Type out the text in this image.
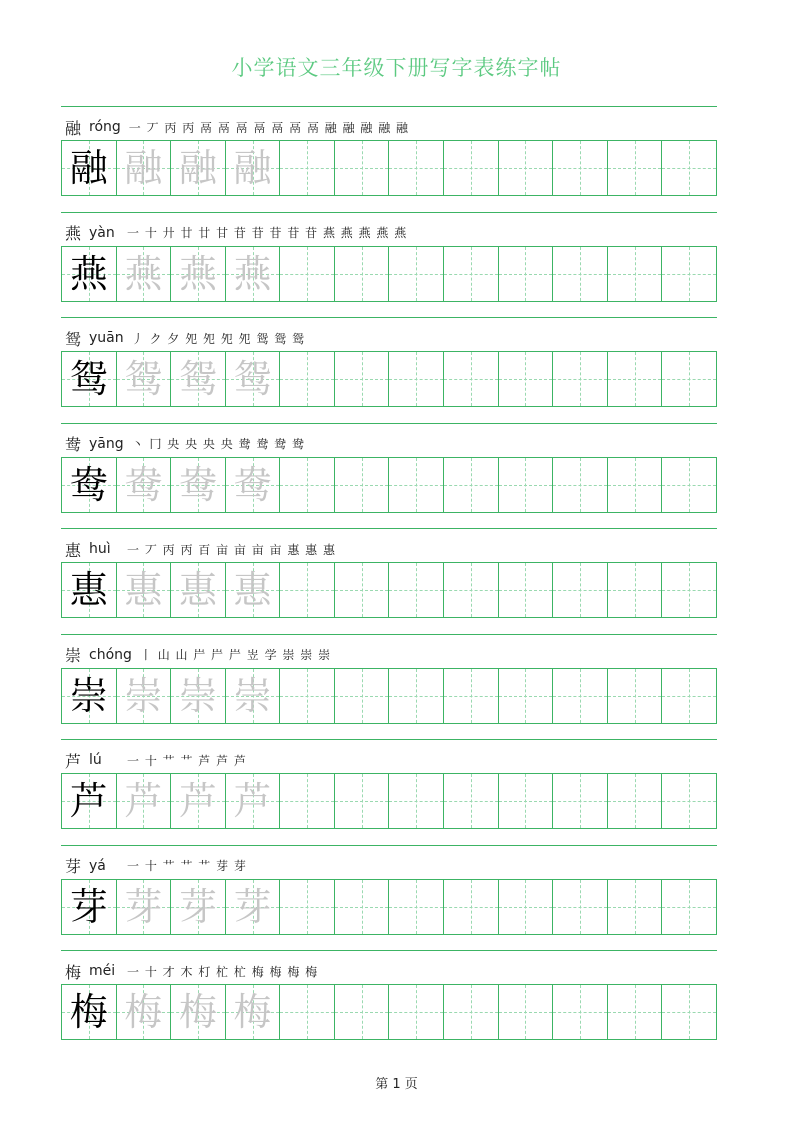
小学语文三年级下册写字表练字帖
融 róng 一 丆 丙 丙 鬲 鬲 鬲 鬲 鬲 鬲 鬲 融 融 融 融 融
融 融 融 融
燕 yàn	一 十 廾 廿 廿 甘 苷 苷 苷 苷 苷 燕 燕 燕 燕 燕
燕 燕 燕 燕
鸳 yuān 丿 ク 夕 夗 夗 夗 夗 鸳 鸳 鸳
鸳 鸳 鸳 鸳
鸯 yāng 丶 冂 央 央 央 央 鸯 鸯 鸯 鸯
鸯 鸯 鸯 鸯
惠 huì	一 丆 丙 丙 百 亩 亩 亩 亩 惠 惠 惠
惠 惠 惠 惠
崇 chóng 丨 山 山 屵 屵 屵 岦 学 崇 崇 崇
崇 崇 崇 崇
芦 lú	一 十 艹 艹 芦 芦 芦
芦 芦 芦 芦
芽 yá	一 十 艹 艹 艹 芽 芽
芽 芽 芽 芽
梅 méi 一 十 才 木 朾 杧 杧 梅 梅 梅 梅
梅 梅 梅 梅
第 1 页
